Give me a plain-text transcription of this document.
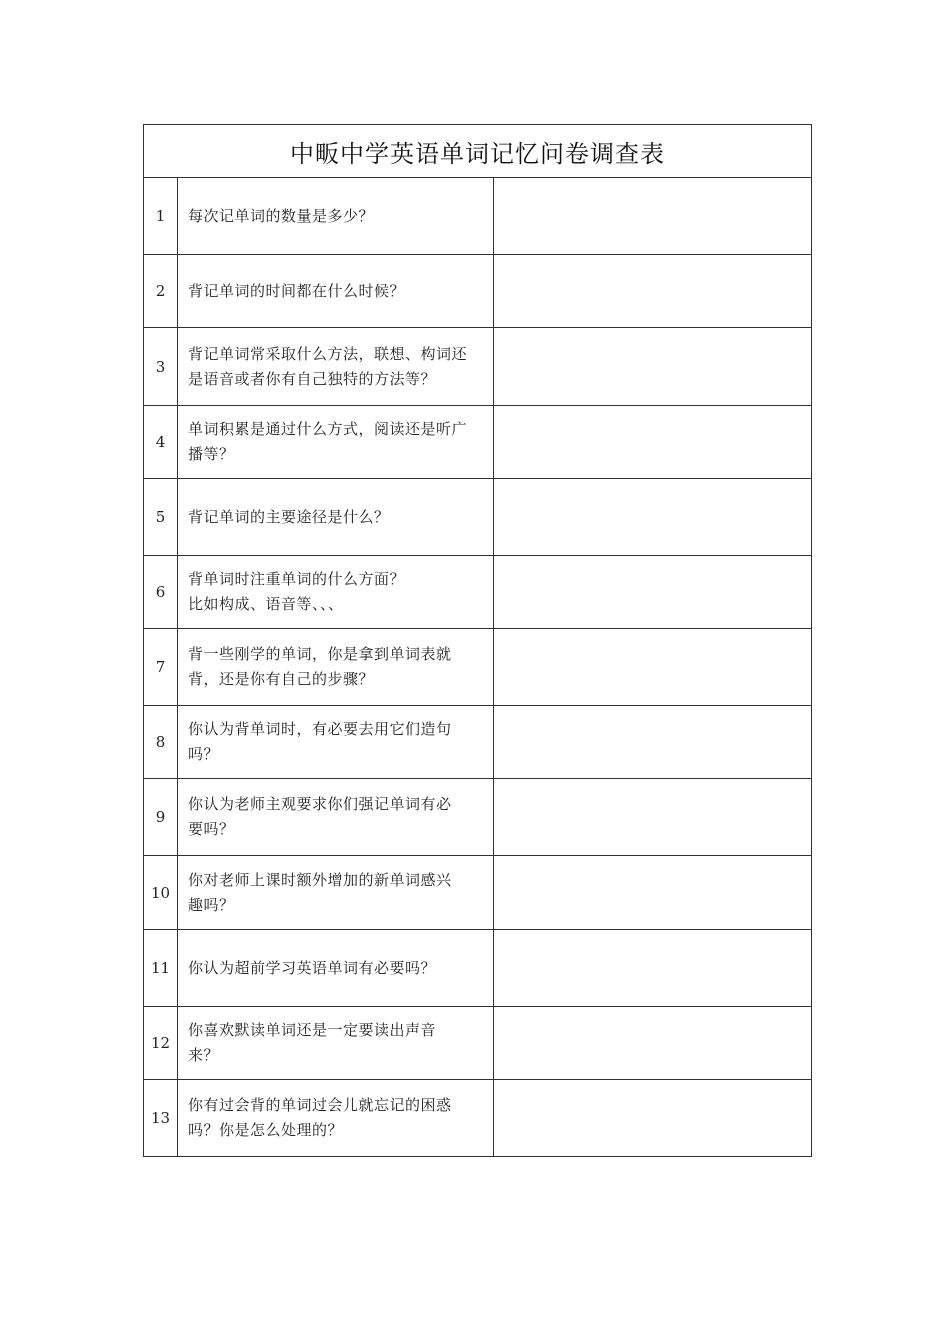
中畈中学英语单词记忆问卷调查表		
1	每次记单词的数量是多少？	

2	背记单词的时间都在什么时候？	

3	背记单词常采取什么方法，联想、构词还
是语音或者你有自己独特的方法等？	

4	单词积累是通过什么方式，阅读还是听广
播等？	

5	背记单词的主要途径是什么？	

6	背单词时注重单词的什么方面？
比如构成、语音等、、、	

7	背一些刚学的单词，你是拿到单词表就
背，还是你有自己的步骤？	

8	你认为背单词时，有必要去用它们造句
吗？	

9	你认为老师主观要求你们强记单词有必
要吗？	

10	你对老师上课时额外增加的新单词感兴
趣吗？	

11	你认为超前学习英语单词有必要吗？	

12	你喜欢默读单词还是一定要读出声音
来？	

13	你有过会背的单词过会儿就忘记的困惑
吗？你是怎么处理的？	
